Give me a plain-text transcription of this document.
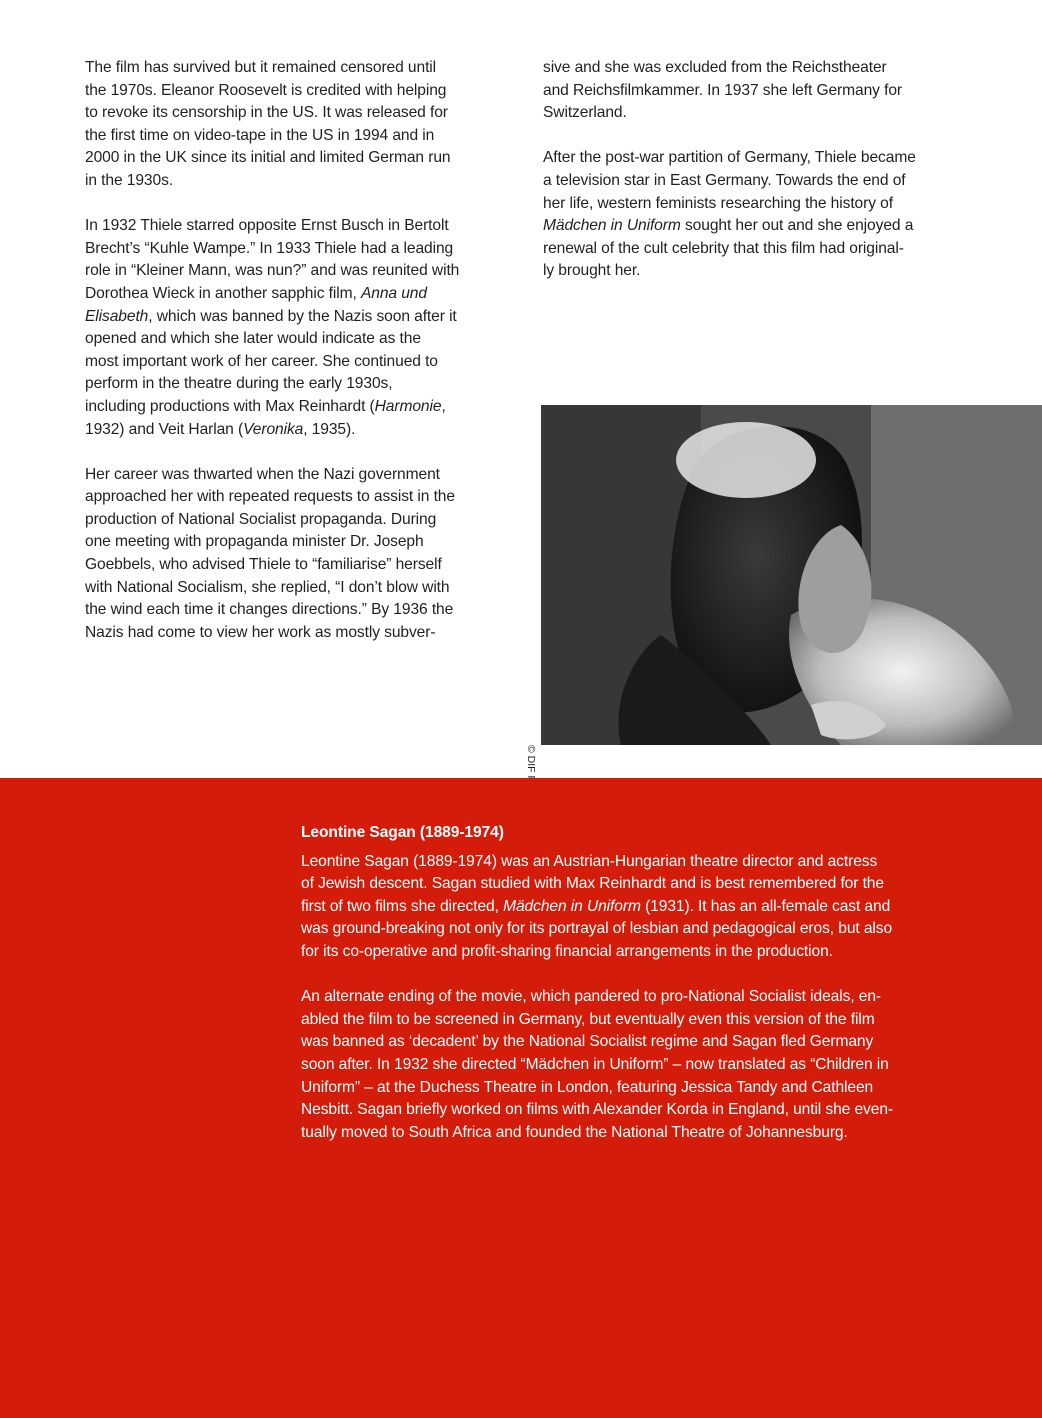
The film has survived but it remained censored until
the 1970s. Eleanor Roosevelt is credited with helping
to revoke its censorship in the US. It was released for
the first time on video-tape in the US in 1994 and in
2000 in the UK since its initial and limited German run
in the 1930s.

In 1932 Thiele starred opposite Ernst Busch in Bertolt
Brecht’s “Kuhle Wampe.” In 1933 Thiele had a leading
role in “Kleiner Mann, was nun?” and was reunited with
Dorothea Wieck in another sapphic film, Anna und
Elisabeth, which was banned by the Nazis soon after it
opened and which she later would indicate as the
most important work of her career. She continued to
perform in the theatre during the early 1930s,
including productions with Max Reinhardt (Harmonie,
1932) and Veit Harlan (Veronika, 1935).

Her career was thwarted when the Nazi government
approached her with repeated requests to assist in the
production of National Socialist propaganda. During
one meeting with propaganda minister Dr. Joseph
Goebbels, who advised Thiele to “familiarise” herself
with National Socialism, she replied, “I don’t blow with
the wind each time it changes directions.” By 1936 the
Nazis had come to view her work as mostly subver-

sive and she was excluded from the Reichstheater
and Reichsfilmkammer. In 1937 she left Germany for
Switzerland.

After the post-war partition of Germany, Thiele became
a television star in East Germany. Towards the end of
her life, western feminists researching the history of
Mädchen in Uniform sought her out and she enjoyed a
renewal of the cult celebrity that this film had original-
ly brought her.

Leontine Sagan (1889-1974)

Leontine Sagan (1889-1974) was an Austrian-Hungarian theatre director and actress
of Jewish descent. Sagan studied with Max Reinhardt and is best remembered for the
first of two films she directed, Mädchen in Uniform (1931). It has an all-female cast and
was ground-breaking not only for its portrayal of lesbian and pedagogical eros, but also
for its co-operative and profit-sharing financial arrangements in the production.

An alternate ending of the movie, which pandered to pro-National Socialist ideals, en-
abled the film to be screened in Germany, but eventually even this version of the film
was banned as ‘decadent’ by the National Socialist regime and Sagan fled Germany
soon after. In 1932 she directed “Mädchen in Uniform” – now translated as “Children in
Uniform” – at the Duchess Theatre in London, featuring Jessica Tandy and Cathleen
Nesbitt. Sagan briefly worked on films with Alexander Korda in England, until she even-
tually moved to South Africa and founded the National Theatre of Johannesburg.
